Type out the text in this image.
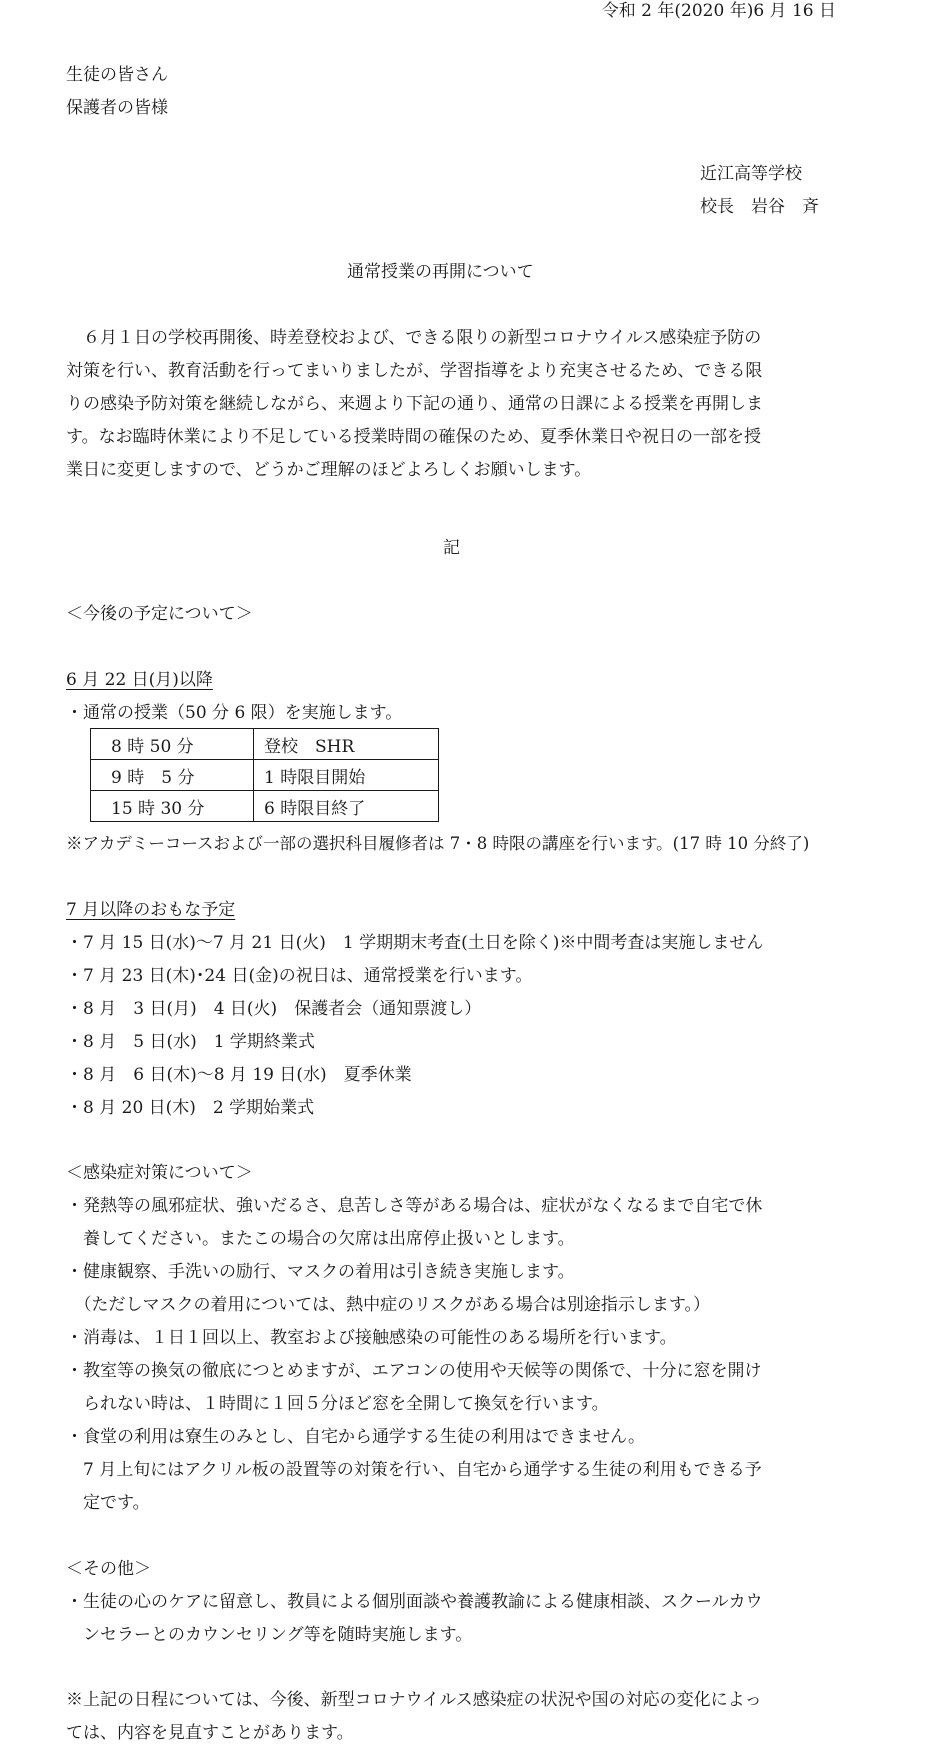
令和 2 年(2020 年)6 月 16 日
生徒の皆さん
保護者の皆様
近江高等学校
校長　岩谷　斉
通常授業の再開について
　６月１日の学校再開後、時差登校および、できる限りの新型コロナウイルス感染症予防の
対策を行い、教育活動を行ってまいりましたが、学習指導をより充実させるため、できる限
りの感染予防対策を継続しながら、来週より下記の通り、通常の日課による授業を再開しま
す。なお臨時休業により不足している授業時間の確保のため、夏季休業日や祝日の一部を授
業日に変更しますので、どうかご理解のほどよろしくお願いします。
記
＜今後の予定について＞
6 月 22 日(月)以降
・通常の授業（50 分 6 限）を実施します。
8 時 50 分	登校　SHR
9 時　5 分	1 時限目開始
15 時 30 分	6 時限目終了
※アカデミーコースおよび一部の選択科目履修者は 7・8 時限の講座を行います。(17 時 10 分終了)
7 月以降のおもな予定
・7 月 15 日(水)～7 月 21 日(火)　1 学期期末考査(土日を除く)※中間考査は実施しません
・7 月 23 日(木)･24 日(金)の祝日は、通常授業を行います。
・8 月　3 日(月)　4 日(火)　保護者会（通知票渡し）
・8 月　5 日(水)　1 学期終業式
・8 月　6 日(木)～8 月 19 日(水)　夏季休業
・8 月 20 日(木)　2 学期始業式
＜感染症対策について＞
・発熱等の風邪症状、強いだるさ、息苦しさ等がある場合は、症状がなくなるまで自宅で休
　養してください。またこの場合の欠席は出席停止扱いとします。
・健康観察、手洗いの励行、マスクの着用は引き続き実施します。
　（ただしマスクの着用については、熱中症のリスクがある場合は別途指示します。）
・消毒は、１日１回以上、教室および接触感染の可能性のある場所を行います。
・教室等の換気の徹底につとめますが、エアコンの使用や天候等の関係で、十分に窓を開け
　られない時は、１時間に１回５分ほど窓を全開して換気を行います。
・食堂の利用は寮生のみとし、自宅から通学する生徒の利用はできません。
　7 月上旬にはアクリル板の設置等の対策を行い、自宅から通学する生徒の利用もできる予
　定です。
＜その他＞
・生徒の心のケアに留意し、教員による個別面談や養護教諭による健康相談、スクールカウ
　ンセラーとのカウンセリング等を随時実施します。
※上記の日程については、今後、新型コロナウイルス感染症の状況や国の対応の変化によっ
ては、内容を見直すことがあります。
